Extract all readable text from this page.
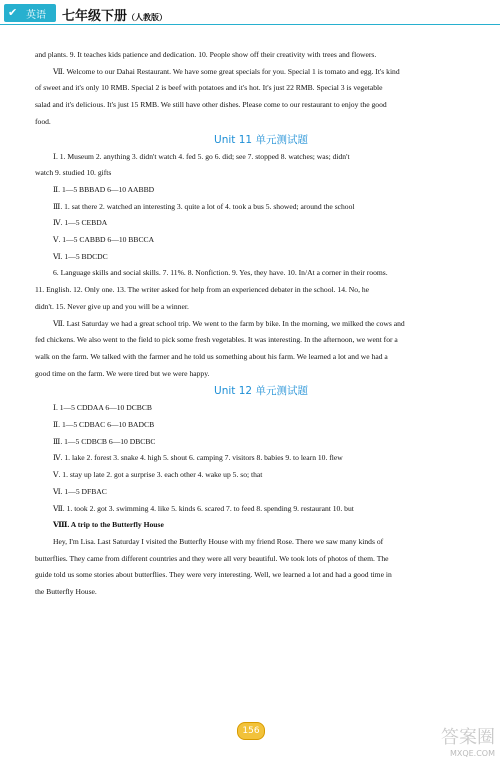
✔ 英语 七年级下册（人教版）

and plants. 9. It teaches kids patience and dedication. 10. People show off their creativity with trees and flowers.

Ⅶ. Welcome to our Dahai Restaurant. We have some great specials for you. Special 1 is tomato and egg. It's kind

of sweet and it's only 10 RMB. Special 2 is beef with potatoes and it's hot. It's just 22 RMB. Special 3 is vegetable

salad and it's delicious. It's just 15 RMB. We still have other dishes. Please come to our restaurant to enjoy the good

food.

Unit 11 单元测试题

Ⅰ. 1. Museum 2. anything 3. didn't watch 4. fed 5. go 6. did; see 7. stopped 8. watches; was; didn't

watch 9. studied 10. gifts

Ⅱ. 1—5 BBBAD 6—10 AABBD

Ⅲ. 1. sat there 2. watched an interesting 3. quite a lot of 4. took a bus 5. showed; around the school

Ⅳ. 1—5 CEBDA

Ⅴ. 1—5 CABBD 6—10 BBCCA

Ⅵ. 1—5 BDCDC

6. Language skills and social skills. 7. 11%. 8. Nonfiction. 9. Yes, they have. 10. In/At a corner in their rooms.

11. English. 12. Only one. 13. The writer asked for help from an experienced debater in the school. 14. No, he

didn't. 15. Never give up and you will be a winner.

Ⅶ. Last Saturday we had a great school trip. We went to the farm by bike. In the morning, we milked the cows and

fed chickens. We also went to the field to pick some fresh vegetables. It was interesting. In the afternoon, we went for a

walk on the farm. We talked with the farmer and he told us something about his farm. We learned a lot and we had a

good time on the farm. We were tired but we were happy.

Unit 12 单元测试题

Ⅰ. 1—5 CDDAA 6—10 DCBCB

Ⅱ. 1—5 CDBAC 6—10 BADCB

Ⅲ. 1—5 CDBCB 6—10 DBCBC

Ⅳ. 1. lake 2. forest 3. snake 4. high 5. shout 6. camping 7. visitors 8. babies 9. to learn 10. flew

Ⅴ. 1. stay up late 2. got a surprise 3. each other 4. wake up 5. so; that

Ⅵ. 1—5 DFBAC

Ⅶ. 1. took 2. got 3. swimming 4. like 5. kinds 6. scared 7. to feed 8. spending 9. restaurant 10. but

Ⅷ. A trip to the Butterfly House

Hey, I'm Lisa. Last Saturday I visited the Butterfly House with my friend Rose. There we saw many kinds of

butterflies. They came from different countries and they were all very beautiful. We took lots of photos of them. The

guide told us some stories about butterflies. They were very interesting. Well, we learned a lot and had a good time in

the Butterfly House.

156	答案圈
MXQE.COM
